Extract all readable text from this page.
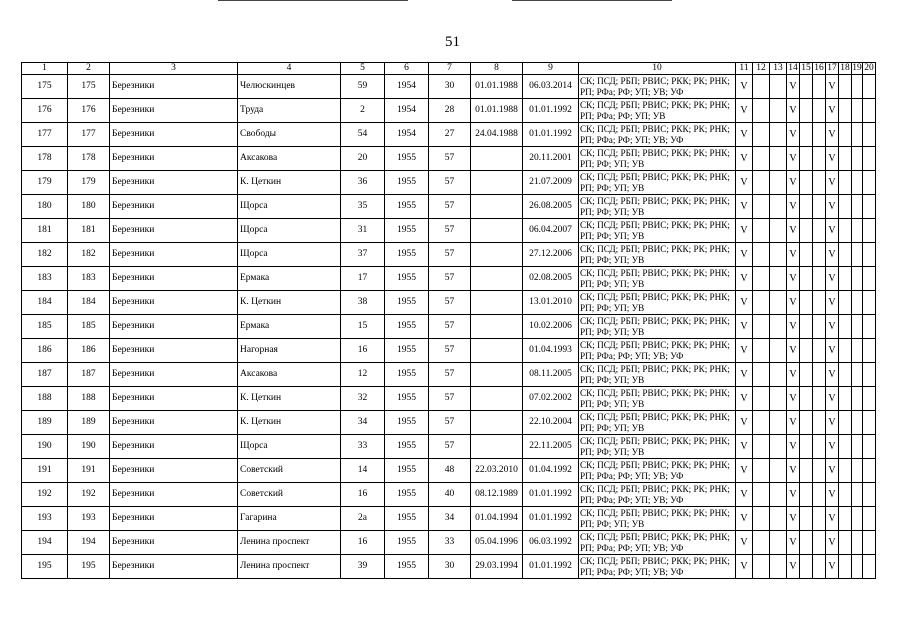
51
1	2	3	4	5	6	7	8	9	10	11	12	13	14	15	16	17	18	19	20
175	175	Березники	Челюскинцев	59	1954	30	01.01.1988	06.03.2014	СК; ПСД; РБП; РВИС; РКК; РК; РНК; РП; РФа; РФ; УП; УВ; УФ	V			V			V			
176	176	Березники	Труда	2	1954	28	01.01.1988	01.01.1992	СК; ПСД; РБП; РВИС; РКК; РК; РНК; РП; РФа; РФ; УП; УВ	V			V			V			
177	177	Березники	Свободы	54	1954	27	24.04.1988	01.01.1992	СК; ПСД; РБП; РВИС; РКК; РК; РНК; РП; РФа; РФ; УП; УВ; УФ	V			V			V			
178	178	Березники	Аксакова	20	1955	57		20.11.2001	СК; ПСД; РБП; РВИС; РКК; РК; РНК; РП; РФ; УП; УВ	V			V			V			
179	179	Березники	К. Цеткин	36	1955	57		21.07.2009	СК; ПСД; РБП; РВИС; РКК; РК; РНК; РП; РФ; УП; УВ	V			V			V			
180	180	Березники	Щорса	35	1955	57		26.08.2005	СК; ПСД; РБП; РВИС; РКК; РК; РНК; РП; РФ; УП; УВ	V			V			V			
181	181	Березники	Щорса	31	1955	57		06.04.2007	СК; ПСД; РБП; РВИС; РКК; РК; РНК; РП; РФ; УП; УВ	V			V			V			
182	182	Березники	Щорса	37	1955	57		27.12.2006	СК; ПСД; РБП; РВИС; РКК; РК; РНК; РП; РФ; УП; УВ	V			V			V			
183	183	Березники	Ермака	17	1955	57		02.08.2005	СК; ПСД; РБП; РВИС; РКК; РК; РНК; РП; РФ; УП; УВ	V			V			V			
184	184	Березники	К. Цеткин	38	1955	57		13.01.2010	СК; ПСД; РБП; РВИС; РКК; РК; РНК; РП; РФ; УП; УВ	V			V			V			
185	185	Березники	Ермака	15	1955	57		10.02.2006	СК; ПСД; РБП; РВИС; РКК; РК; РНК; РП; РФ; УП; УВ	V			V			V			
186	186	Березники	Нагорная	16	1955	57		01.04.1993	СК; ПСД; РБП; РВИС; РКК; РК; РНК; РП; РФа; РФ; УП; УВ; УФ	V			V			V			
187	187	Березники	Аксакова	12	1955	57		08.11.2005	СК; ПСД; РБП; РВИС; РКК; РК; РНК; РП; РФ; УП; УВ	V			V			V			
188	188	Березники	К. Цеткин	32	1955	57		07.02.2002	СК; ПСД; РБП; РВИС; РКК; РК; РНК; РП; РФ; УП; УВ	V			V			V			
189	189	Березники	К. Цеткин	34	1955	57		22.10.2004	СК; ПСД; РБП; РВИС; РКК; РК; РНК; РП; РФ; УП; УВ	V			V			V			
190	190	Березники	Щорса	33	1955	57		22.11.2005	СК; ПСД; РБП; РВИС; РКК; РК; РНК; РП; РФ; УП; УВ	V			V			V			
191	191	Березники	Советский	14	1955	48	22.03.2010	01.04.1992	СК; ПСД; РБП; РВИС; РКК; РК; РНК; РП; РФа; РФ; УП; УВ; УФ	V			V			V			
192	192	Березники	Советский	16	1955	40	08.12.1989	01.01.1992	СК; ПСД; РБП; РВИС; РКК; РК; РНК; РП; РФа; РФ; УП; УВ; УФ	V			V			V			
193	193	Березники	Гагарина	2а	1955	34	01.04.1994	01.01.1992	СК; ПСД; РБП; РВИС; РКК; РК; РНК; РП; РФ; УП; УВ	V			V			V			
194	194	Березники	Ленина проспект	16	1955	33	05.04.1996	06.03.1992	СК; ПСД; РБП; РВИС; РКК; РК; РНК; РП; РФа; РФ; УП; УВ; УФ	V			V			V			
195	195	Березники	Ленина проспект	39	1955	30	29.03.1994	01.01.1992	СК; ПСД; РБП; РВИС; РКК; РК; РНК; РП; РФа; РФ; УП; УВ; УФ	V			V			V			
